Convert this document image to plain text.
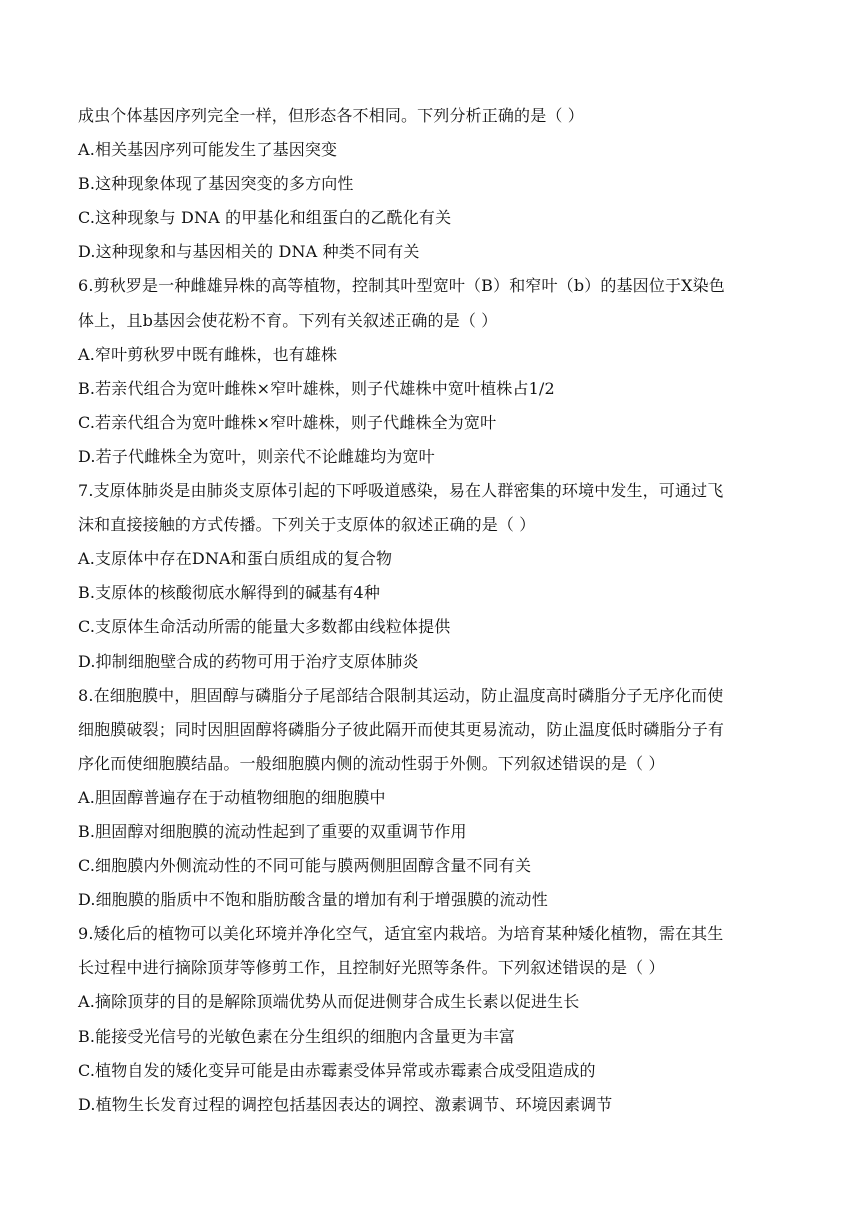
成虫个体基因序列完全一样，但形态各不相同。下列分析正确的是（ ）
A.相关基因序列可能发生了基因突变
B.这种现象体现了基因突变的多方向性
C.这种现象与 DNA 的甲基化和组蛋白的乙酰化有关
D.这种现象和与基因相关的 DNA 种类不同有关
6.剪秋罗是一种雌雄异株的高等植物，控制其叶型宽叶（B）和窄叶（b）的基因位于X染色
体上，且b基因会使花粉不育。下列有关叙述正确的是（ ）
A.窄叶剪秋罗中既有雌株，也有雄株
B.若亲代组合为宽叶雌株×窄叶雄株，则子代雄株中宽叶植株占1/2
C.若亲代组合为宽叶雌株×窄叶雄株，则子代雌株全为宽叶
D.若子代雌株全为宽叶，则亲代不论雌雄均为宽叶
7.支原体肺炎是由肺炎支原体引起的下呼吸道感染，易在人群密集的环境中发生，可通过飞
沫和直接接触的方式传播。下列关于支原体的叙述正确的是（ ）
A.支原体中存在DNA和蛋白质组成的复合物
B.支原体的核酸彻底水解得到的碱基有4种
C.支原体生命活动所需的能量大多数都由线粒体提供
D.抑制细胞壁合成的药物可用于治疗支原体肺炎
8.在细胞膜中，胆固醇与磷脂分子尾部结合限制其运动，防止温度高时磷脂分子无序化而使
细胞膜破裂；同时因胆固醇将磷脂分子彼此隔开而使其更易流动，防止温度低时磷脂分子有
序化而使细胞膜结晶。一般细胞膜内侧的流动性弱于外侧。下列叙述错误的是（ ）
A.胆固醇普遍存在于动植物细胞的细胞膜中
B.胆固醇对细胞膜的流动性起到了重要的双重调节作用
C.细胞膜内外侧流动性的不同可能与膜两侧胆固醇含量不同有关
D.细胞膜的脂质中不饱和脂肪酸含量的增加有利于增强膜的流动性
9.矮化后的植物可以美化环境并净化空气，适宜室内栽培。为培育某种矮化植物，需在其生
长过程中进行摘除顶芽等修剪工作，且控制好光照等条件。下列叙述错误的是（ ）
A.摘除顶芽的目的是解除顶端优势从而促进侧芽合成生长素以促进生长
B.能接受光信号的光敏色素在分生组织的细胞内含量更为丰富
C.植物自发的矮化变异可能是由赤霉素受体异常或赤霉素合成受阻造成的
D.植物生长发育过程的调控包括基因表达的调控、激素调节、环境因素调节
